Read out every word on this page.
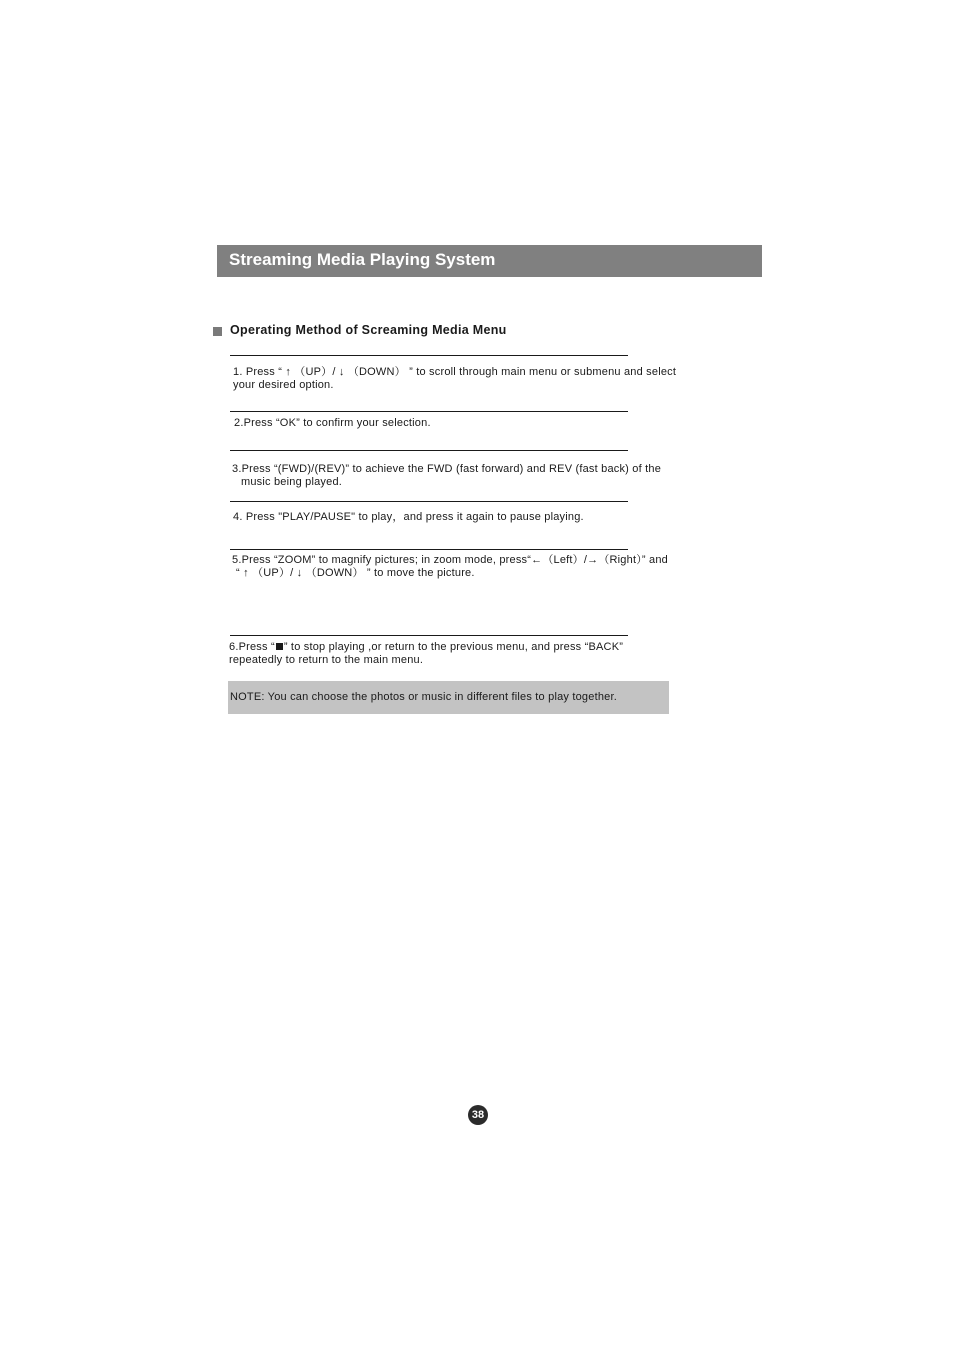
Streaming Media Playing System
Operating Method of Screaming Media Menu
1. Press “ ↑ （UP）/ ↓ （DOWN） ” to scroll through main menu or submenu and select
your desired option.
2.Press “OK” to confirm your selection.
3.Press “(FWD)/(REV)” to achieve the FWD (fast forward) and REV (fast back) of the
music being played.
4. Press "PLAY/PAUSE" to play，and press it again to pause playing.
5.Press “ZOOM” to magnify pictures; in zoom mode, press“←（Left）/→（Right）” and
“ ↑ （UP）/ ↓ （DOWN） ” to move the picture.
6.Press “ ” to stop playing ,or return to the previous menu, and press “BACK”
repeatedly to return to the main menu.
NOTE: You can choose the photos or music in different files to play together.
38
